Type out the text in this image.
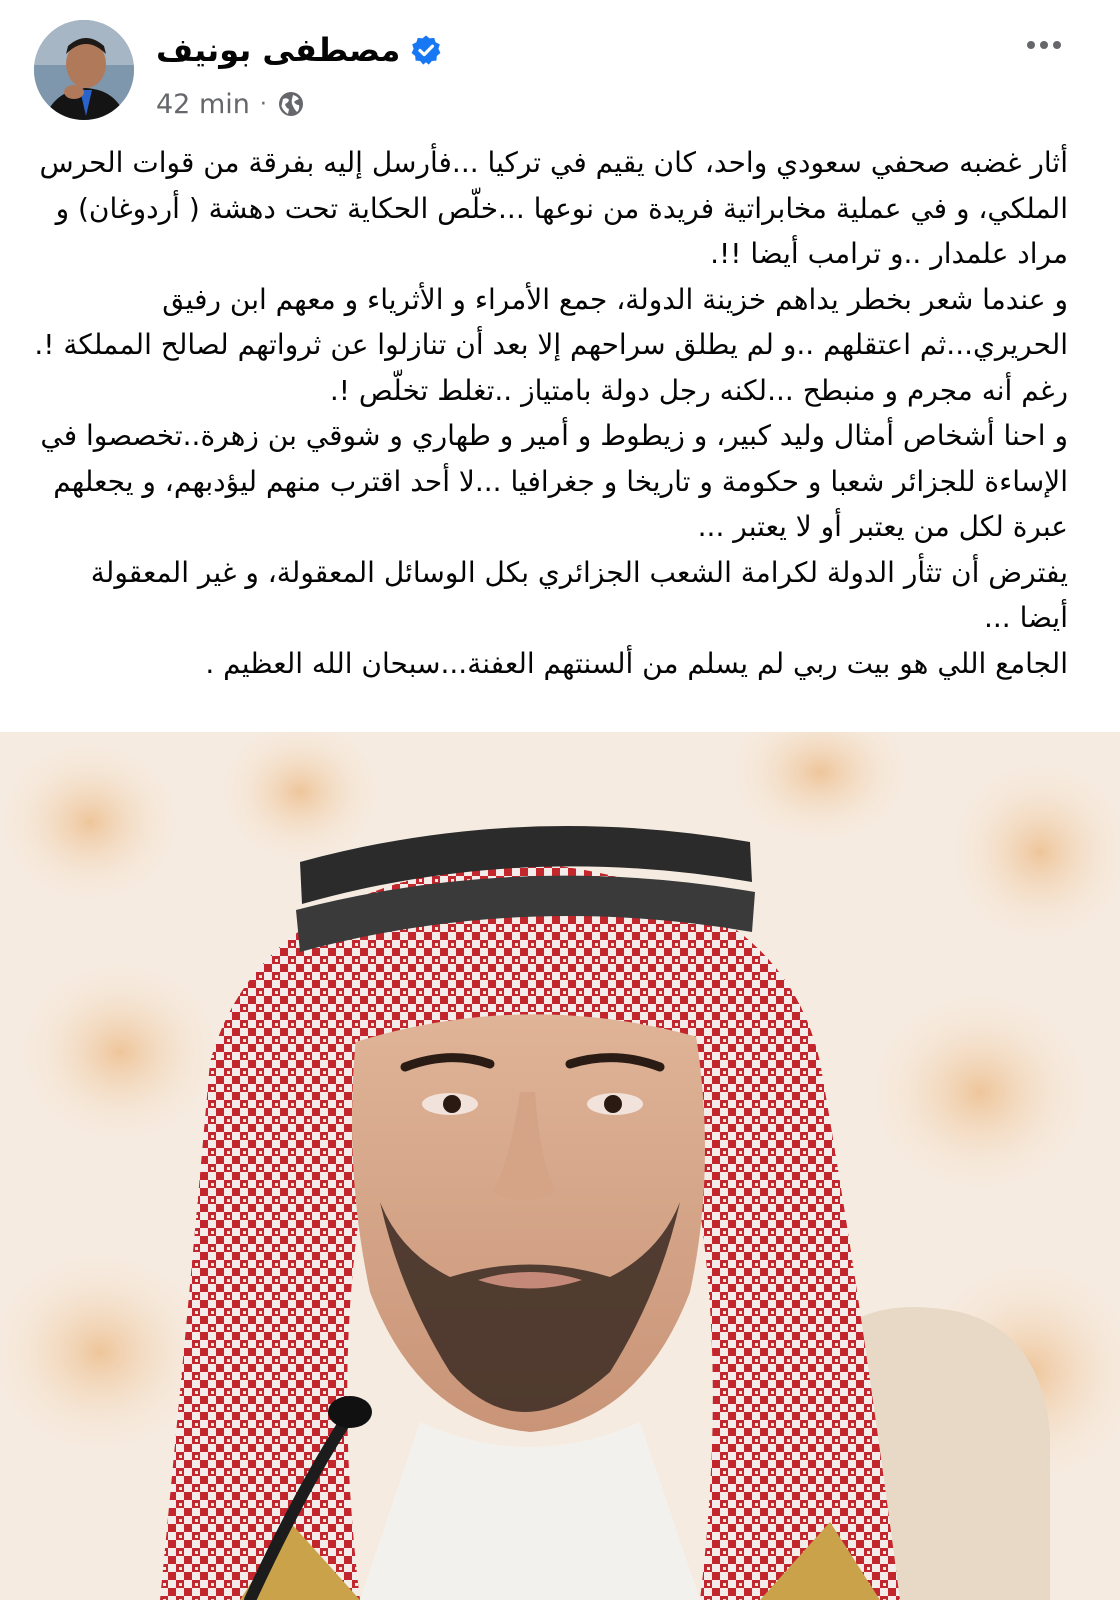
مصطفى بونيف
42 min ·

أثار غضبه صحفي سعودي واحد، كان يقيم في تركيا ...فأرسل إليه بفرقة من قوات الحرس الملكي، و في عملية مخابراتية فريدة من نوعها ...خلّص الحكاية تحت دهشة ( أردوغان) و مراد علمدار ..و ترامب أيضا !!.

و عندما شعر بخطر يداهم خزينة الدولة، جمع الأمراء و الأثرياء و معهم ابن رفيق الحريري...ثم اعتقلهم ..و لم يطلق سراحهم إلا بعد أن تنازلوا عن ثرواتهم لصالح المملكة !.

رغم أنه مجرم و منبطح ...لكنه رجل دولة بامتياز ..تغلط تخلّص !.

و احنا أشخاص أمثال وليد كبير، و زيطوط و أمير و طهاري و شوقي بن زهرة..تخصصوا في الإساءة للجزائر شعبا و حكومة و تاريخا و جغرافيا ...لا أحد اقترب منهم ليؤدبهم، و يجعلهم عبرة لكل من يعتبر أو لا يعتبر ...

يفترض أن تثأر الدولة لكرامة الشعب الجزائري بكل الوسائل المعقولة، و غير المعقولة أيضا ...

الجامع اللي هو بيت ربي لم يسلم من ألسنتهم العفنة...سبحان الله العظيم .
